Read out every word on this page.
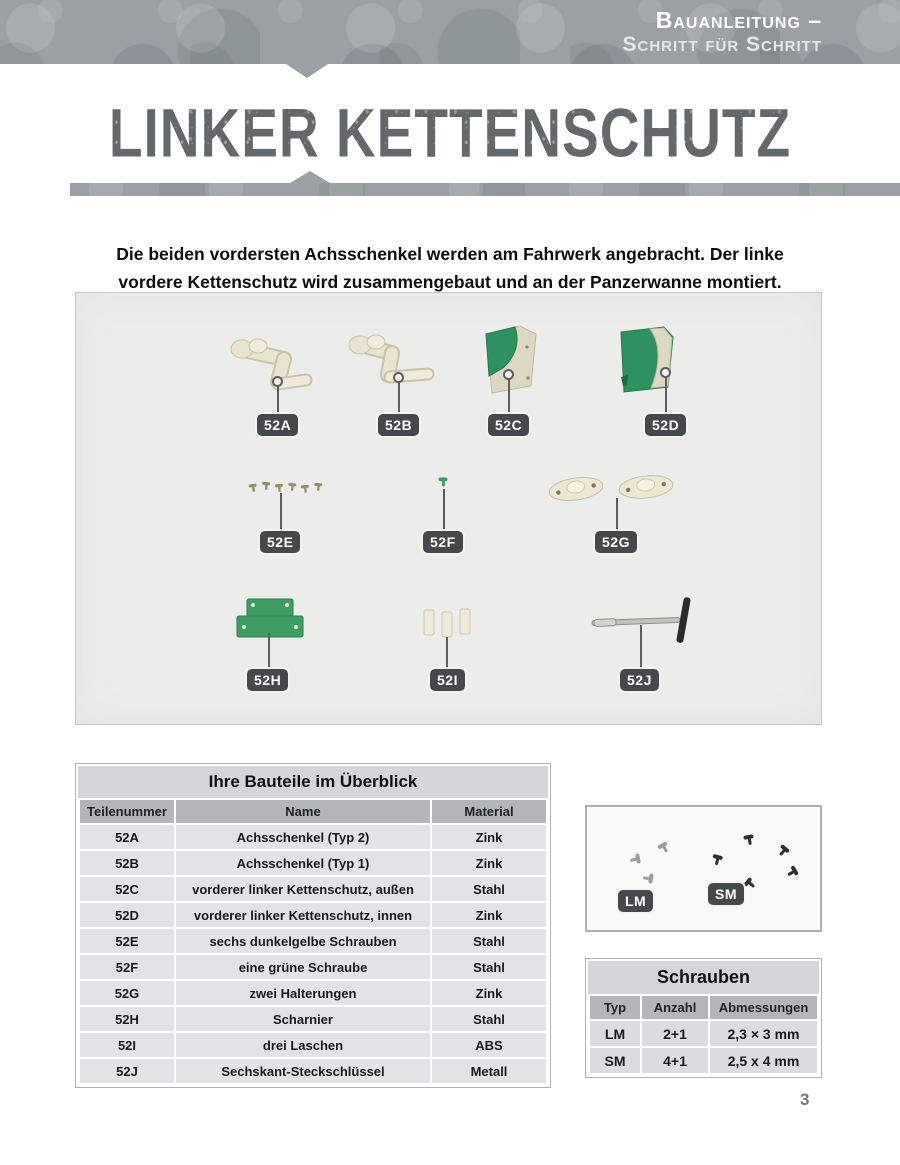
Bauanleitung –
Schritt für Schritt
LINKER KETTENSCHUTZ

Die beiden vordersten Achsschenkel werden am Fahrwerk angebracht. Der linke
vordere Kettenschutz wird zusammengebaut und an der Panzerwanne montiert.

52A	52B	52C	52D
52E	52F	52G
52H	52I	52J
Ihre Bauteile im Überblick
Teilenummer	Name	Material
52A	Achsschenkel (Typ 2)	Zink
52B	Achsschenkel (Typ 1)	Zink
52C	vorderer linker Kettenschutz, außen	Stahl
52D	vorderer linker Kettenschutz, innen	Zink
52E	sechs dunkelgelbe Schrauben	Stahl
52F	eine grüne Schraube	Stahl
52G	zwei Halterungen	Zink
52H	Scharnier	Stahl
52I	drei Laschen	ABS
52J	Sechskant-Steckschlüssel	Metall
LM	SM
Schrauben
Typ	Anzahl	Abmessungen
LM	2+1	2,3 × 3 mm
SM	4+1	2,5 x 4 mm
3
